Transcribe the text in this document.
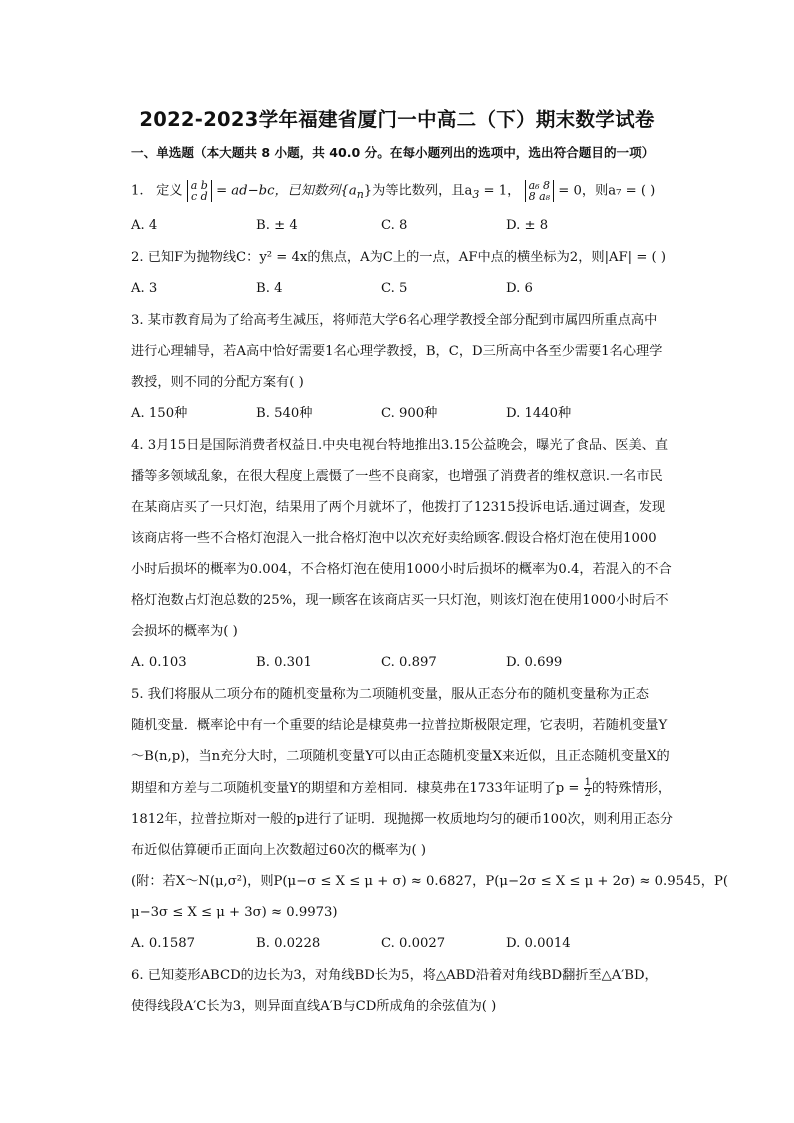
2022-2023学年福建省厦门一中高二（下）期末数学试卷
一、单选题（本大题共 8 小题，共 40.0 分。在每小题列出的选项中，选出符合题目的一项）
1. 定义 a b
c d = ad−bc，已知数列$\{a_n\}$为等比数列，且$a_3 = 1$， a₆ 8
8 a₈ = 0，则a₇ = ( )
A. 4	B. ± 4	C. 8	D. ± 8
2. 已知F为抛物线C：y² = 4x的焦点，A为C上的一点，AF中点的横坐标为2，则|AF| = ( )
A. 3	B. 4	C. 5	D. 6
3. 某市教育局为了给高考生减压，将师范大学6名心理学教授全部分配到市属四所重点高中
进行心理辅导，若A高中恰好需要1名心理学教授，B，C，D三所高中各至少需要1名心理学
教授，则不同的分配方案有( )
A. 150种	B. 540种	C. 900种	D. 1440种
4. 3月15日是国际消费者权益日.中央电视台特地推出3.15公益晚会，曝光了食品、医美、直
播等多领域乱象，在很大程度上震慑了一些不良商家，也增强了消费者的维权意识.一名市民
在某商店买了一只灯泡，结果用了两个月就坏了，他拨打了12315投诉电话.通过调查，发现
该商店将一些不合格灯泡混入一批合格灯泡中以次充好卖给顾客.假设合格灯泡在使用1000
小时后损坏的概率为0.004，不合格灯泡在使用1000小时后损坏的概率为0.4，若混入的不合
格灯泡数占灯泡总数的25%，现一顾客在该商店买一只灯泡，则该灯泡在使用1000小时后不
会损坏的概率为( )
A. 0.103	B. 0.301	C. 0.897	D. 0.699
5. 我们将服从二项分布的随机变量称为二项随机变量，服从正态分布的随机变量称为正态
随机变量．概率论中有一个重要的结论是棣莫弗一拉普拉斯极限定理，它表明，若随机变量Y
～B(n,p)，当n充分大时，二项随机变量Y可以由正态随机变量X来近似，且正态随机变量X的
期望和方差与二项随机变量Y的期望和方差相同．棣莫弗在1733年证明了$p = \frac{1}{2}$ 的特殊情形，
1812年，拉普拉斯对一般的p进行了证明．现抛掷一枚质地均匀的硬币100次，则利用正态分
布近似估算硬币正面向上次数超过60次的概率为( )
(附：若X～N(μ,σ²)，则P(μ−σ ≤ X ≤ μ + σ) ≈ 0.6827，P(μ−2σ ≤ X ≤ μ + 2σ) ≈ 0.9545，P(
μ−3σ ≤ X ≤ μ + 3σ) ≈ 0.9973)
A. 0.1587	B. 0.0228	C. 0.0027	D. 0.0014
6. 已知菱形ABCD的边长为3，对角线BD长为5，将△ABD沿着对角线BD翻折至△A′BD，
使得线段A′C长为3，则异面直线A′B与CD所成角的余弦值为( )
